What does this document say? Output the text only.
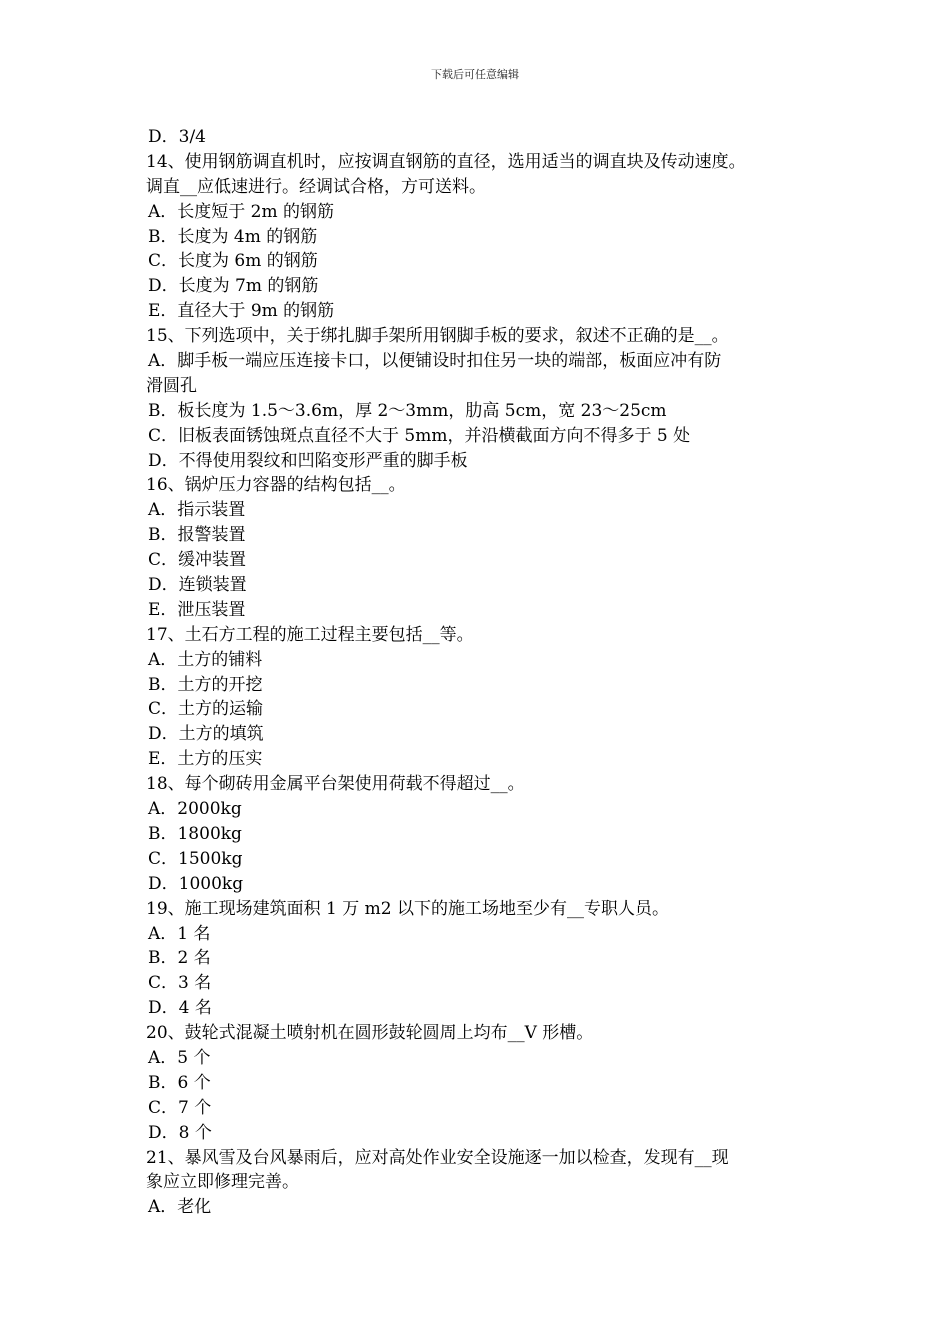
下载后可任意编辑
D．3/4
14、使用钢筋调直机时，应按调直钢筋的直径，选用适当的调直块及传动速度。
调直__应低速进行。经调试合格，方可送料。
A．长度短于 2m 的钢筋
B．长度为 4m 的钢筋
C．长度为 6m 的钢筋
D．长度为 7m 的钢筋
E．直径大于 9m 的钢筋
15、下列选项中，关于绑扎脚手架所用钢脚手板的要求，叙述不正确的是__。
A．脚手板一端应压连接卡口，以便铺设时扣住另一块的端部，板面应冲有防
滑圆孔
B．板长度为 1.5～3.6m，厚 2～3mm，肋高 5cm，宽 23～25cm
C．旧板表面锈蚀斑点直径不大于 5mm，并沿横截面方向不得多于 5 处
D．不得使用裂纹和凹陷变形严重的脚手板
16、锅炉压力容器的结构包括__。
A．指示装置
B．报警装置
C．缓冲装置
D．连锁装置
E．泄压装置
17、土石方工程的施工过程主要包括__等。
A．土方的铺料
B．土方的开挖
C．土方的运输
D．土方的填筑
E．土方的压实
18、每个砌砖用金属平台架使用荷载不得超过__。
A．2000kg
B．1800kg
C．1500kg
D．1000kg
19、施工现场建筑面积 1 万 m2 以下的施工场地至少有__专职人员。
A．1 名
B．2 名
C．3 名
D．4 名
20、鼓轮式混凝土喷射机在圆形鼓轮圆周上均布__V 形槽。
A．5 个
B．6 个
C．7 个
D．8 个
21、暴风雪及台风暴雨后，应对高处作业安全设施逐一加以检查，发现有__现
象应立即修理完善。
A．老化
